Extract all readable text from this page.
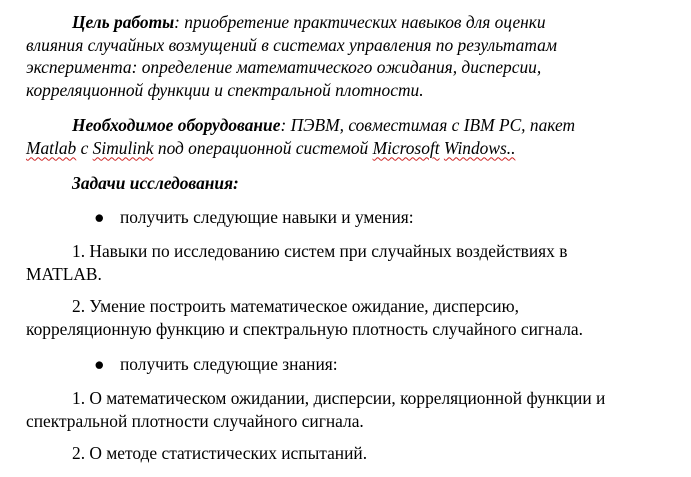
Цель работы: приобретение практических навыков для оценки
влияния случайных возмущений в системах управления по результатам
эксперимента: определение математического ожидания, дисперсии,
корреляционной функции и спектральной плотности.

Необходимое оборудование: ПЭВМ, совместимая с IBM PC, пакет
Matlab с Simulink под операционной системой Microsoft Windows..

Задачи исследования:

● получить следующие навыки и умения:

1. Навыки по исследованию систем при случайных воздействиях в
MATLAB.

2. Умение построить математическое ожидание, дисперсию,
корреляционную функцию и спектральную плотность случайного сигнала.

● получить следующие знания:

1. О математическом ожидании, дисперсии, корреляционной функции и
спектральной плотности случайного сигнала.

2. О методе статистических испытаний.
